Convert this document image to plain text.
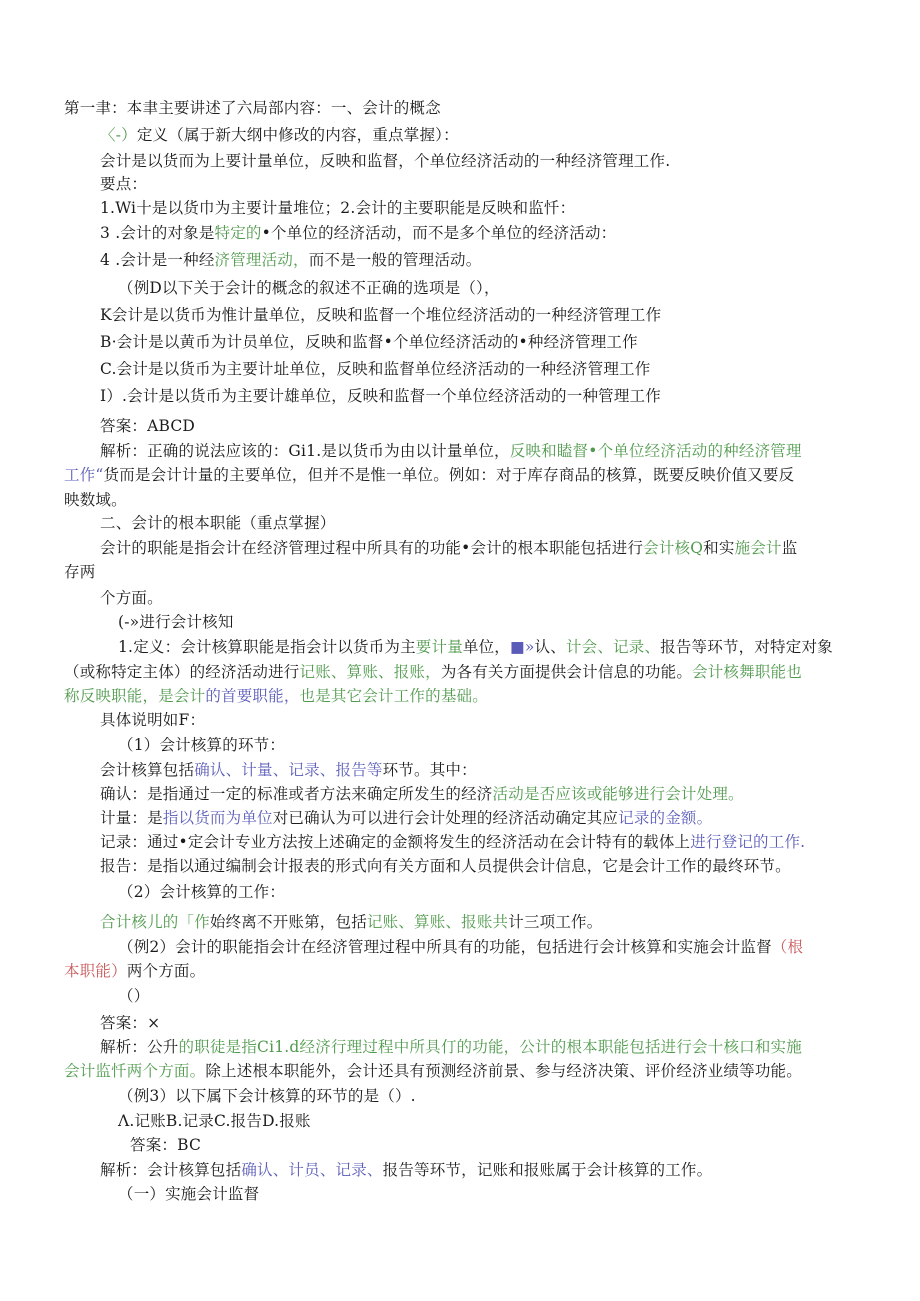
第一聿：本聿主要讲述了六局部内容：一、会计的概念
〈-）定义（属于新大纲中修改的内容，重点掌握）：
会计是以货而为上要计量单位，反映和监督，个单位经济活动的一种经济管理工作.
要点：
1.Wi十是以货巾为主要计量堆位；2.会计的主要职能是反映和监忏：
3 .会计的对象是特定的•个单位的经济活动，而不是多个单位的经济活动：
4 .会计是一种经济管理活动，而不是一般的管理活动。
（例D以下关于会计的概念的叙述不正确的选项是（），
K会计是以货币为惟计量单位，反映和监督一个堆位经济活动的一种经济管理工作
B·会计是以黄币为计员单位，反映和监督•个单位经济活动的•种经济管理工作
C.会计是以货币为主要计址单位，反映和监督单位经济活动的一种经济管理工作
I）.会计是以货币为主要计雄单位，反映和监督一个单位经济活动的一种管理工作
答案：ABCD
解析：正确的说法应该的：Gi1.是以货币为由以计量单位，反映和瞌督•个单位经济活动的种经济管理
工作“货而是会计计量的主要单位，但并不是惟一单位。例如：对于库存商品的核算，既要反映价值又要反
映数域。
二、会计的根本职能（重点掌握）
会计的职能是指会计在经济管理过程中所具有的功能•会计的根本职能包括进行会计核Q和实施会计监
存两
个方面。
(-»进行会计核知
1.定义：会计核算职能是指会计以货币为主要计量单位，■»认、计会、记录、报告等环节，对特定对象
（或称特定主体）的经济活动进行记账、算账、报账，为各有关方面提供会计信息的功能。会计核舞职能也
称反映职能，是会计的首要职能，也是其它会计工作的基础。
具体说明如F：
（1）会计核算的环节：
会计核算包括确认、计量、记录、报告等环节。其中：
确认：是指通过一定的标准或者方法来确定所发生的经济活动是否应该或能够进行会计处理。
计量：是指以货而为单位对已确认为可以进行会计处理的经济活动确定其应记录的金额。
记录：通过•定会计专业方法按上述确定的金额将发生的经济活动在会计特有的载体上进行登记的工作.
报告：是指以通过编制会计报表的形式向有关方面和人员提供会计信息，它是会计工作的最终环节。
（2）会计核算的工作：
合计核儿的「作始终离不开账第，包括记账、算账、报账共计三项工作。
（例2）会计的职能指会计在经济管理过程中所具有的功能，包括进行会计核算和实施会计监督（根
本职能）两个方面。
（）
答案：×
解析：公升的职徒是指Ci1.d经济行理过程中所具仃的功能，公计的根本职能包括进行会十核口和实施
会计监忏两个方面。除上述根本职能外，会计还具有预测经济前景、参与经济决策、评价经济业绩等功能。
（例3）以下属下会计核算的环节的是（）.
Λ.记账B.记录C.报告D.报账
答案：BC
解析：会计核算包括确认、计员、记录、报告等环节，记账和报账属于会计核算的工作。
（一）实施会计监督
